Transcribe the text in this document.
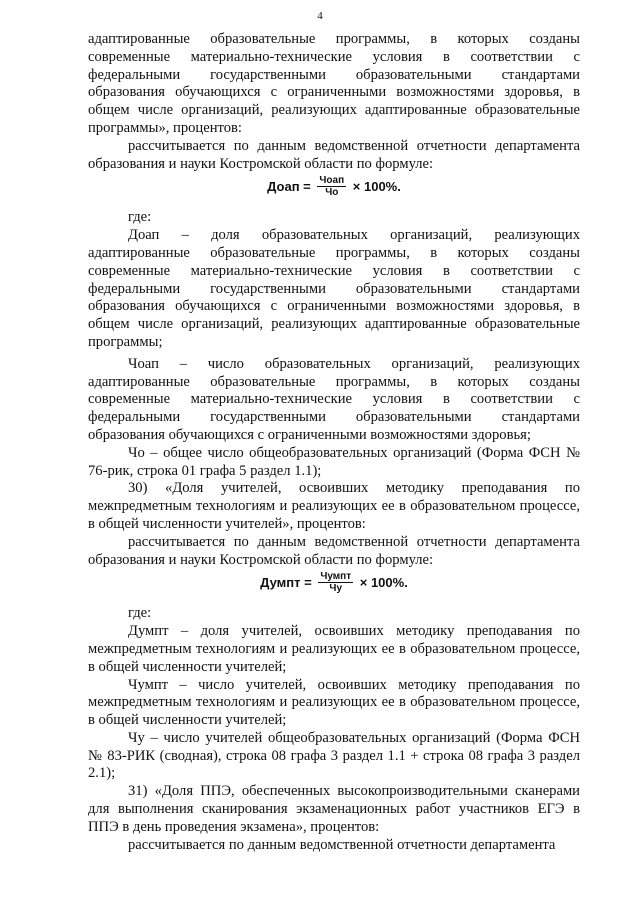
4

адаптированные образовательные программы, в которых созданы современные материально-технические условия в соответствии с федеральными государственными образовательными стандартами образования обучающихся с ограниченными возможностями здоровья, в общем числе организаций, реализующих адаптированные образовательные программы», процентов:

рассчитывается по данным ведомственной отчетности департамента образования и науки Костромской области по формуле:

Доап = $\frac{\text{Чоап}}{Чо} \times 100\%$.

где:

Доап – доля образовательных организаций, реализующих адаптированные образовательные программы, в которых созданы современные материально-технические условия в соответствии с федеральными государственными образовательными стандартами образования обучающихся с ограниченными возможностями здоровья, в общем числе организаций, реализующих адаптированные образовательные программы;

Чоап – число образовательных организаций, реализующих адаптированные образовательные программы, в которых созданы современные материально-технические условия в соответствии с федеральными государственными образовательными стандартами образования обучающихся с ограниченными возможностями здоровья;

Чо – общее число общеобразовательных организаций (Форма ФСН № 76-рик, строка 01 графа 5 раздел 1.1);

30) «Доля учителей, освоивших методику преподавания по межпредметным технологиям и реализующих ее в образовательном процессе, в общей численности учителей», процентов:

рассчитывается по данным ведомственной отчетности департамента образования и науки Костромской области по формуле:

Думпт = $\frac{\text{Чумпт}}{Чу} \times 100\%$.

где:

Думпт – доля учителей, освоивших методику преподавания по межпредметным технологиям и реализующих ее в образовательном процессе, в общей численности учителей;

Чумпт – число учителей, освоивших методику преподавания по межпредметным технологиям и реализующих ее в образовательном процессе, в общей численности учителей;

Чу – число учителей общеобразовательных организаций (Форма ФСН № 83-РИК (сводная), строка 08 графа 3 раздел 1.1 + строка 08 графа 3 раздел 2.1);

31) «Доля ППЭ, обеспеченных высокопроизводительными сканерами для выполнения сканирования экзаменационных работ участников ЕГЭ в ППЭ в день проведения экзамена», процентов:

рассчитывается по данным ведомственной отчетности департамента
